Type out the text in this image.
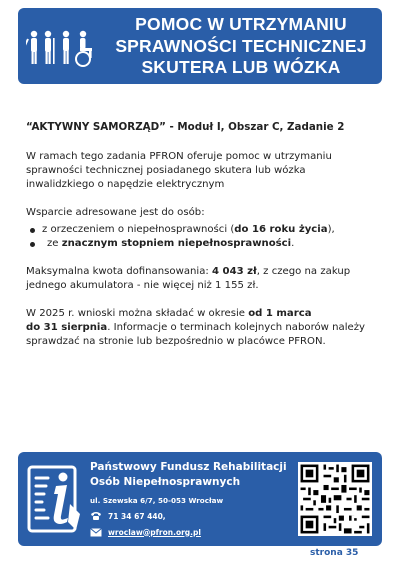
POMOC W UTRZYMANIU
SPRAWNOŚCI TECHNICZNEJ
SKUTERA LUB WÓZKA

“AKTYWNY SAMORZĄD” - Moduł I, Obszar C, Zadanie 2

W ramach tego zadania PFRON oferuje pomoc w utrzymaniu sprawności technicznej posiadanego skutera lub wózka inwalidzkiego o napędzie elektrycznym

Wsparcie adresowane jest do osób:

z orzeczeniem o niepełnosprawności (do 16 roku życia),
ze znacznym stopniem niepełnosprawności.

Maksymalna kwota dofinansowania: 4 043 zł, z czego na zakup jednego akumulatora - nie więcej niż 1 155 zł.

W 2025 r. wnioski można składać w okresie od 1 marca
do 31 sierpnia. Informacje o terminach kolejnych naborów należy sprawdzać na stronie lub bezpośrednio w placówce PFRON.

Państwowy Fundusz Rehabilitacji
Osób Niepełnosprawnych
ul. Szewska 6/7, 50-053 Wrocław
71 34 67 440,
wroclaw@pfron.org.pl
strona 35
